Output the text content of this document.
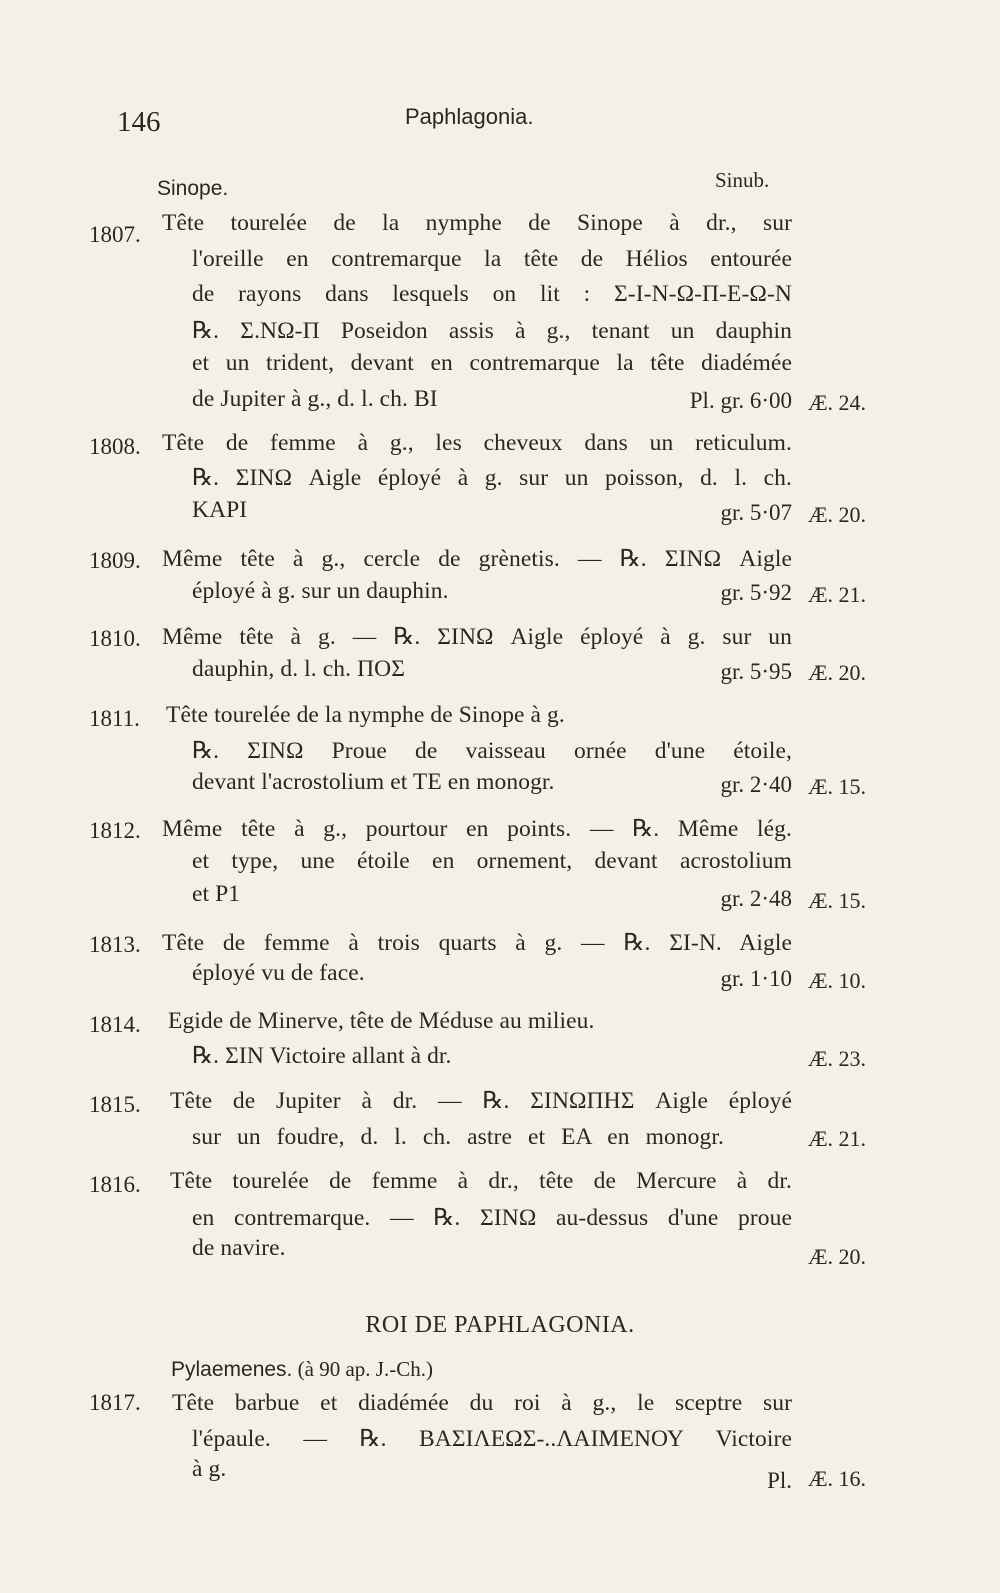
146	Paphlagonia.
Sinope.	Sinub.
1807. Tête tourelée de la nymphe de Sinope à dr., sur
l'oreille en contremarque la tête de Hélios entourée
de rayons dans lesquels on lit : Σ-I-N-Ω-Π-E-Ω-N
℞. Σ.NΩ-Π Poseidon assis à g., tenant un dauphin
et un trident, devant en contremarque la tête diadémée
de Jupiter à g., d. l. ch. BI	Pl. gr. 6·00 Æ. 24.
1808. Tête de femme à g., les cheveux dans un reticulum.
℞. ΣINΩ Aigle éployé à g. sur un poisson, d. l. ch.
KAPI	gr. 5·07 Æ. 20.
1809. Même tête à g., cercle de grènetis. — ℞. ΣINΩ Aigle
éployé à g. sur un dauphin.	gr. 5·92 Æ. 21.
1810. Même tête à g. — ℞. ΣINΩ Aigle éployé à g. sur un
dauphin, d. l. ch. ΠΟΣ	gr. 5·95 Æ. 20.
1811. Tête tourelée de la nymphe de Sinope à g.
℞. ΣINΩ Proue de vaisseau ornée d'une étoile,
devant l'acrostolium et TE en monogr.	gr. 2·40 Æ. 15.
1812. Même tête à g., pourtour en points. — ℞. Même lég.
et type, une étoile en ornement, devant acrostolium
et P1	gr. 2·48 Æ. 15.
1813. Tête de femme à trois quarts à g. — ℞. ΣI-N. Aigle
éployé vu de face.	gr. 1·10 Æ. 10.
1814. Egide de Minerve, tête de Méduse au milieu.
℞. ΣIN Victoire allant à dr.	Æ. 23.
1815. Tête de Jupiter à dr. — ℞. ΣINΩΠΗΣ Aigle éployé
sur un foudre, d. l. ch. astre et EA en monogr.	Æ. 21.
1816. Tête tourelée de femme à dr., tête de Mercure à dr.
en contremarque. — ℞. ΣINΩ au-dessus d'une proue
de navire.	Æ. 20.
ROI DE PAPHLAGONIA.
Pylaemenes. (à 90 ap. J.-Ch.)
1817. Tête barbue et diadémée du roi à g., le sceptre sur
l'épaule. — ℞. ΒΑΣΙΛΕΩΣ-..ΛΑΙΜΕΝΟΥ Victoire
à g.	Pl. Æ. 16.
